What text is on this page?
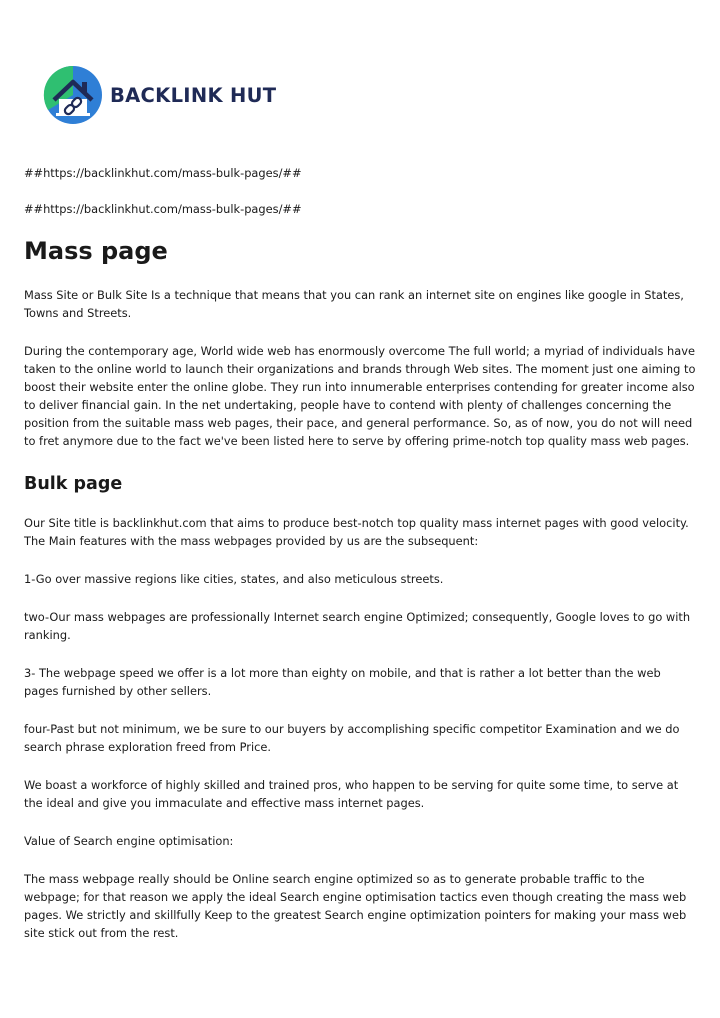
BACKLINK HUT

##https://backlinkhut.com/mass-bulk-pages/##

##https://backlinkhut.com/mass-bulk-pages/##

Mass page

Mass Site or Bulk Site Is a technique that means that you can rank an internet site on engines like google in States, Towns and Streets.

During the contemporary age, World wide web has enormously overcome The full world; a myriad of individuals have taken to the online world to launch their organizations and brands through Web sites. The moment just one aiming to boost their website enter the online globe. They run into innumerable enterprises contending for greater income also to deliver financial gain. In the net undertaking, people have to contend with plenty of challenges concerning the position from the suitable mass web pages, their pace, and general performance. So, as of now, you do not will need to fret anymore due to the fact we've been listed here to serve by offering prime-notch top quality mass web pages.

Bulk page

Our Site title is backlinkhut.com that aims to produce best-notch top quality mass internet pages with good velocity. The Main features with the mass webpages provided by us are the subsequent:

1-Go over massive regions like cities, states, and also meticulous streets.

two-Our mass webpages are professionally Internet search engine Optimized; consequently, Google loves to go with ranking.

3- The webpage speed we offer is a lot more than eighty on mobile, and that is rather a lot better than the web pages furnished by other sellers.

four-Past but not minimum, we be sure to our buyers by accomplishing specific competitor Examination and we do search phrase exploration freed from Price.

We boast a workforce of highly skilled and trained pros, who happen to be serving for quite some time, to serve at the ideal and give you immaculate and effective mass internet pages.

Value of Search engine optimisation:

The mass webpage really should be Online search engine optimized so as to generate probable traffic to the webpage; for that reason we apply the ideal Search engine optimisation tactics even though creating the mass web pages. We strictly and skillfully Keep to the greatest Search engine optimization pointers for making your mass web site stick out from the rest.
